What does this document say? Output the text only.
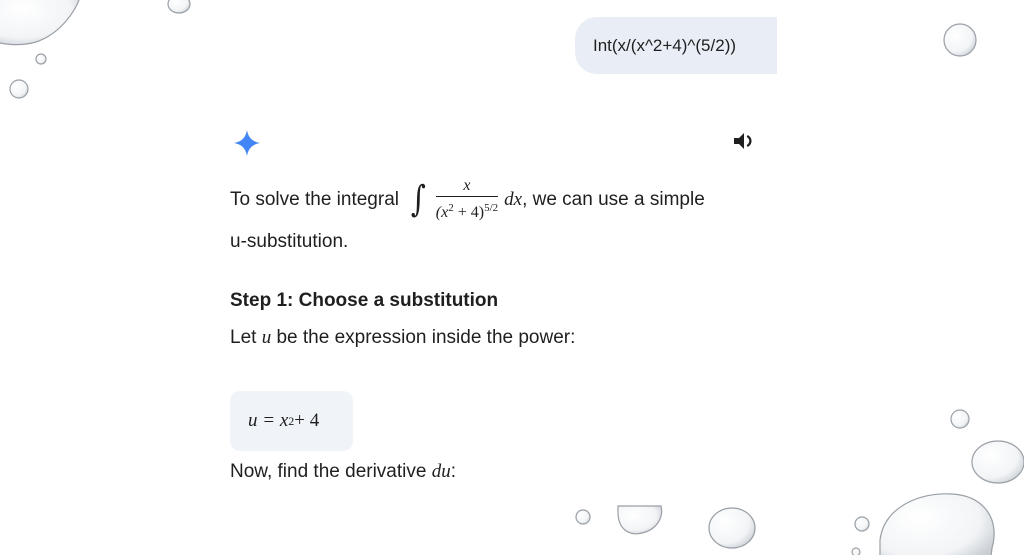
Int(x/(x^2+4)^(5/2))
To solve the integral ∫ $\frac{x}{(x^2 + 4)^{5/2}}$ dx , we can use a simple
u-substitution.
Step 1: Choose a substitution
Let u be the expression inside the power:
u = x 2 + 4
Now, find the derivative du:
